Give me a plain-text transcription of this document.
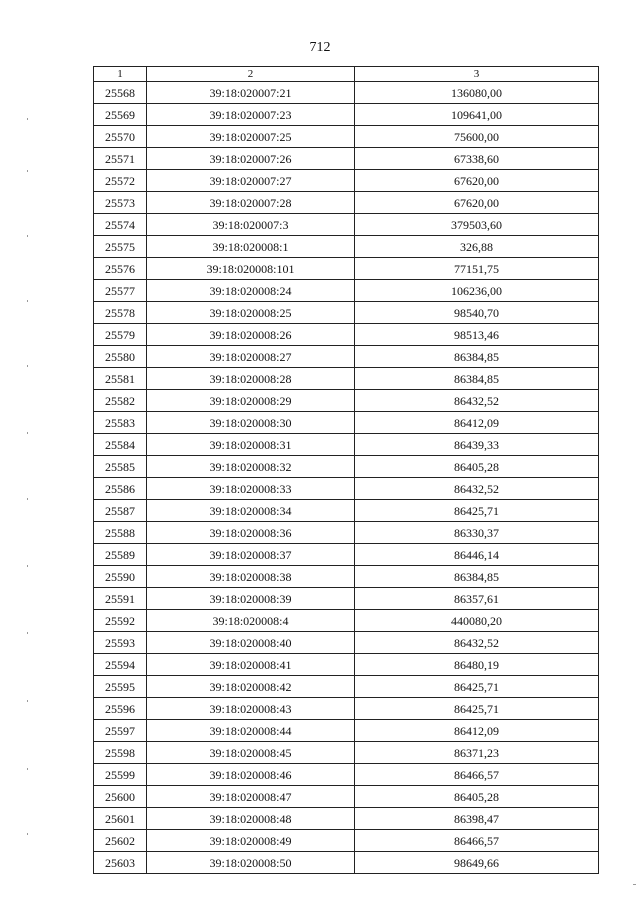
712
1	2	3
25568	39:18:020007:21	136080,00
25569	39:18:020007:23	109641,00
25570	39:18:020007:25	75600,00
25571	39:18:020007:26	67338,60
25572	39:18:020007:27	67620,00
25573	39:18:020007:28	67620,00
25574	39:18:020007:3	379503,60
25575	39:18:020008:1	326,88
25576	39:18:020008:101	77151,75
25577	39:18:020008:24	106236,00
25578	39:18:020008:25	98540,70
25579	39:18:020008:26	98513,46
25580	39:18:020008:27	86384,85
25581	39:18:020008:28	86384,85
25582	39:18:020008:29	86432,52
25583	39:18:020008:30	86412,09
25584	39:18:020008:31	86439,33
25585	39:18:020008:32	86405,28
25586	39:18:020008:33	86432,52
25587	39:18:020008:34	86425,71
25588	39:18:020008:36	86330,37
25589	39:18:020008:37	86446,14
25590	39:18:020008:38	86384,85
25591	39:18:020008:39	86357,61
25592	39:18:020008:4	440080,20
25593	39:18:020008:40	86432,52
25594	39:18:020008:41	86480,19
25595	39:18:020008:42	86425,71
25596	39:18:020008:43	86425,71
25597	39:18:020008:44	86412,09
25598	39:18:020008:45	86371,23
25599	39:18:020008:46	86466,57
25600	39:18:020008:47	86405,28
25601	39:18:020008:48	86398,47
25602	39:18:020008:49	86466,57
25603	39:18:020008:50	98649,66
